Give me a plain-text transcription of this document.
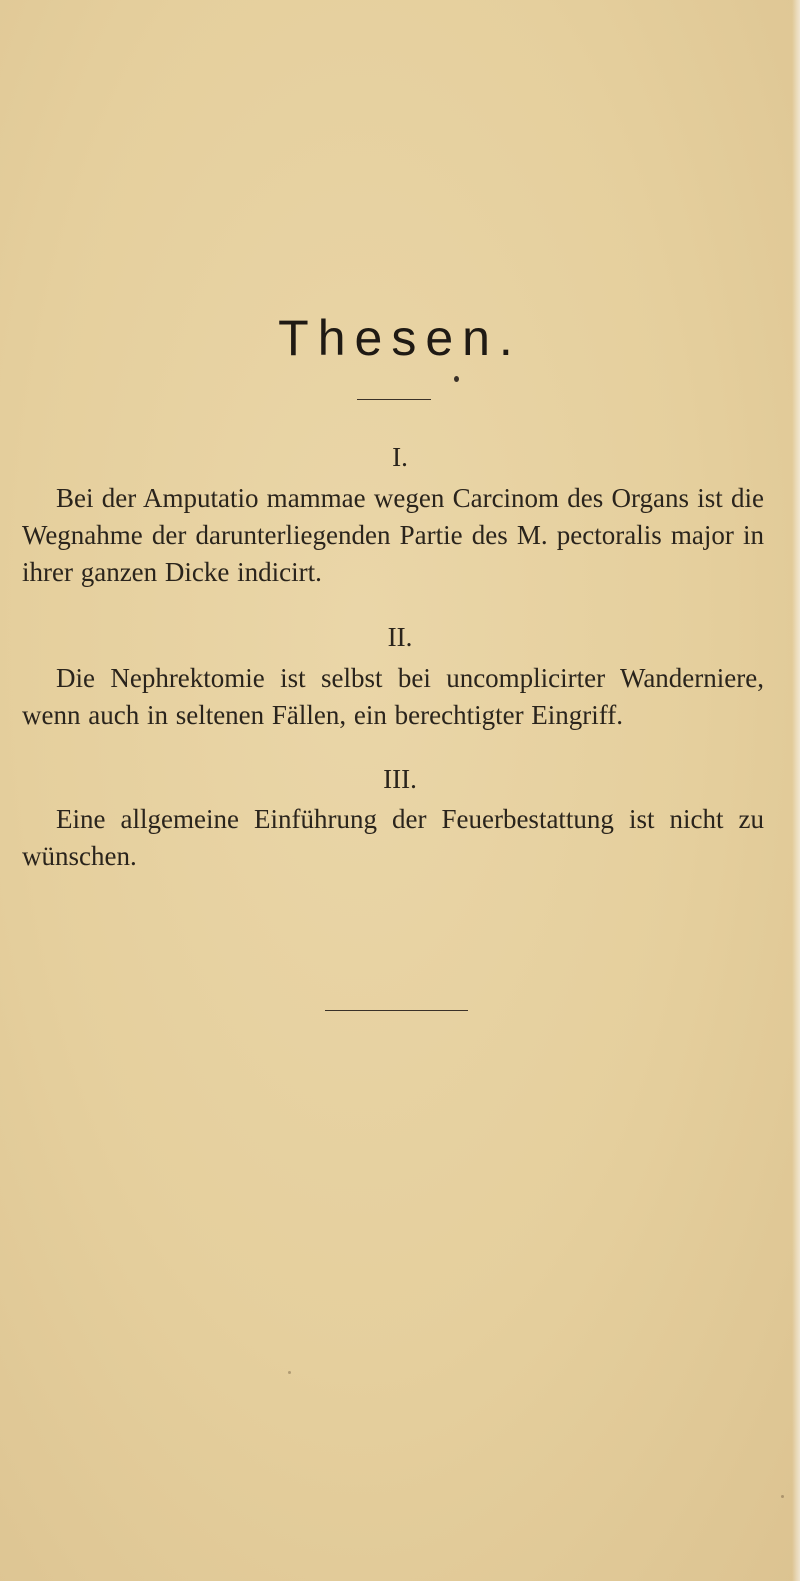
Thesen.
I.

Bei der Amputatio mammae wegen Carcinom des Organs ist die Wegnahme der darunterliegenden Partie des M. pectoralis major in ihrer ganzen Dicke indicirt.

II.

Die Nephrektomie ist selbst bei uncomplicirter Wanderniere, wenn auch in seltenen Fällen, ein berechtigter Eingriff.

III.

Eine allgemeine Einführung der Feuerbestattung ist nicht zu wünschen.
